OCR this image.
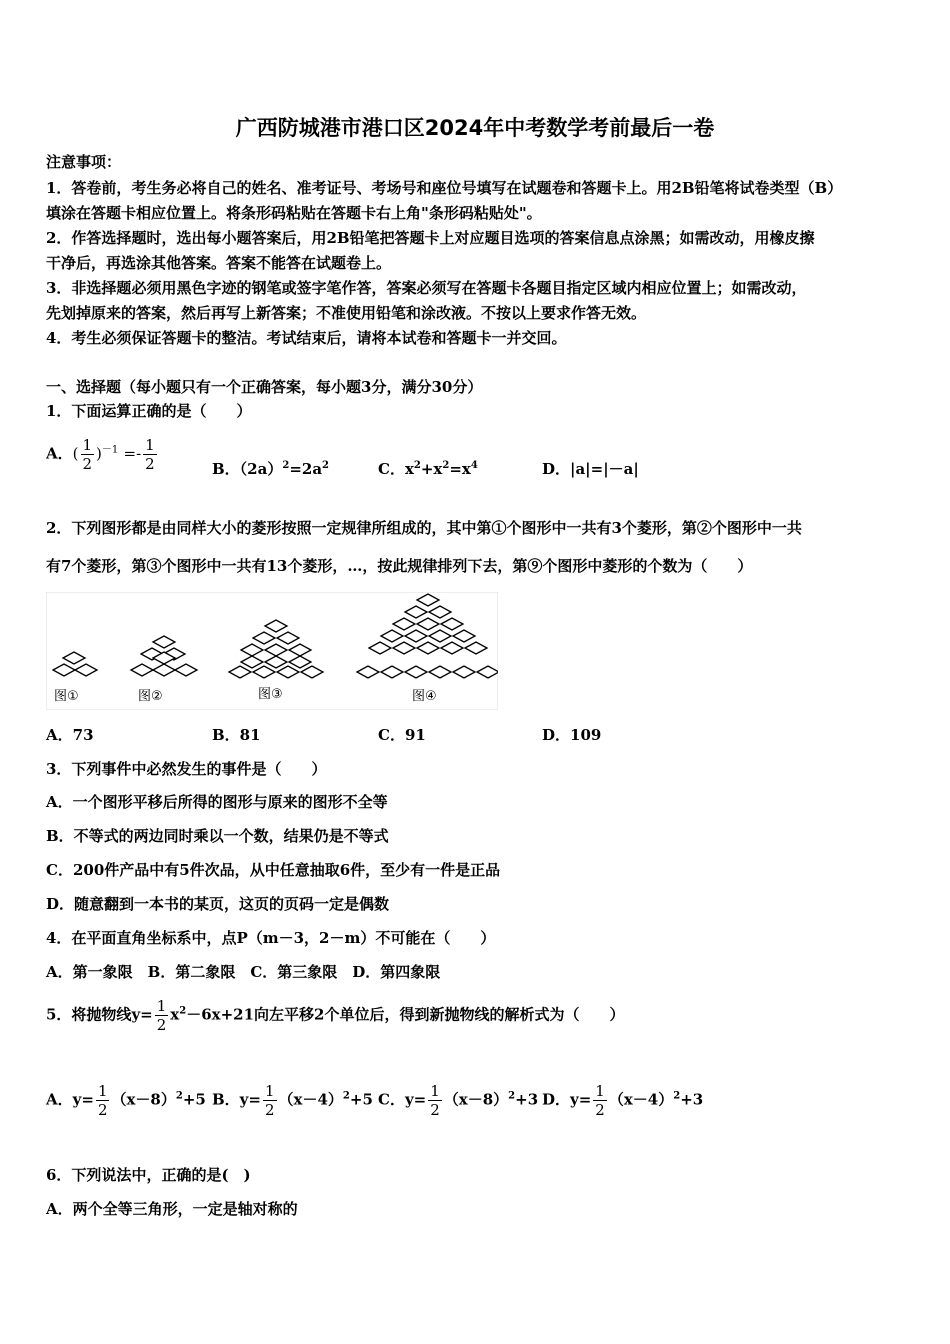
广西防城港市港口区2024年中考数学考前最后一卷
注意事项：
1．答卷前，考生务必将自己的姓名、准考证号、考场号和座位号填写在试题卷和答题卡上。用2B铅笔将试卷类型（B）
填涂在答题卡相应位置上。将条形码粘贴在答题卡右上角"条形码粘贴处"。
2．作答选择题时，选出每小题答案后，用2B铅笔把答题卡上对应题目选项的答案信息点涂黑；如需改动，用橡皮擦
干净后，再选涂其他答案。答案不能答在试题卷上。
3．非选择题必须用黑色字迹的钢笔或签字笔作答，答案必须写在答题卡各题目指定区域内相应位置上；如需改动，
先划掉原来的答案，然后再写上新答案；不准使用铅笔和涂改液。不按以上要求作答无效。
4．考生必须保证答题卡的整洁。考试结束后，请将本试卷和答题卡一并交回。
一、选择题（每小题只有一个正确答案，每小题3分，满分30分）
1．下面运算正确的是（　　）
A．( $\frac{1}{2} )^{-1} =- \frac{1}{2}$	B．$(2a)^2=2a^2$	C．$x^2+x^2=x^4$	D．|a|=|－a|
2．下列图形都是由同样大小的菱形按照一定规律所组成的，其中第①个图形中一共有3个菱形，第②个图形中一共
有7个菱形，第③个图形中一共有13个菱形，…，按此规律排列下去，第⑨个图形中菱形的个数为（　　）
图①	图②	图③	图④
A．73	B．81	C．91	D．109
3．下列事件中必然发生的事件是（　　）
A．一个图形平移后所得的图形与原来的图形不全等
B．不等式的两边同时乘以一个数，结果仍是不等式
C．200件产品中有5件次品，从中任意抽取6件，至少有一件是正品
D．随意翻到一本书的某页，这页的页码一定是偶数
4．在平面直角坐标系中，点P（m－3，2－m）不可能在（　　）
A．第一象限　B．第二象限　C．第三象限　D．第四象限
5．将抛物线$y= \frac{1}{2} x^2-6x+21$向左平移2个单位后，得到新抛物线的解析式为（　　）
A．$y= \frac{1}{2} (x-8)^2+5$ B．$y= \frac{1}{2} (x-4)^2+5$ C．$y= \frac{1}{2} (x-8)^2+3$ D．$y= \frac{1}{2} (x-4)^2+3$
6．下列说法中，正确的是(　)
A．两个全等三角形，一定是轴对称的
